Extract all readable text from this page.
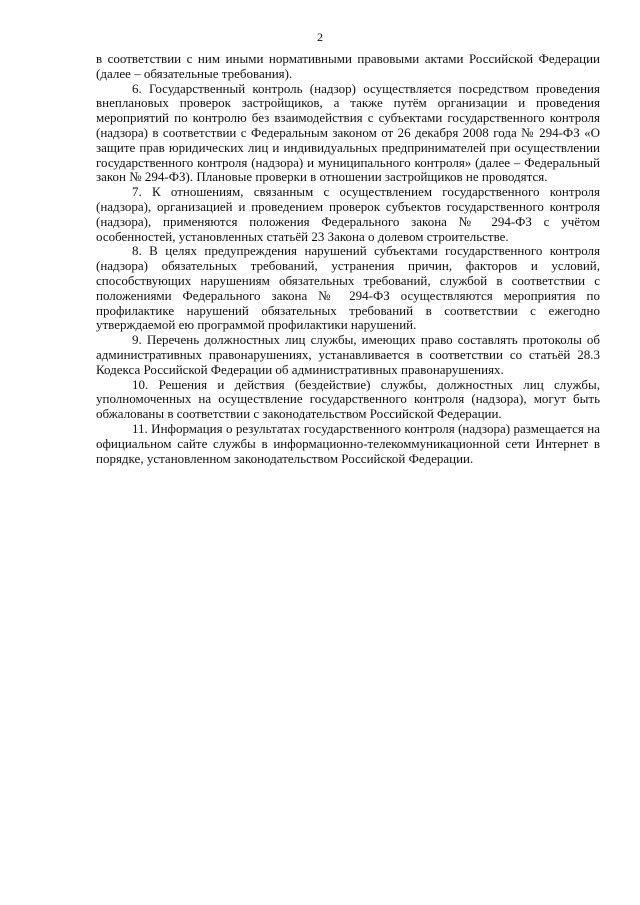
2

в соответствии с ним иными нормативными правовыми актами Российской Федерации (далее – обязательные требования).

6. Государственный контроль (надзор) осуществляется посредством проведения внеплановых проверок застройщиков, а также путём организации и проведения мероприятий по контролю без взаимодействия с субъектами государственного контроля (надзора) в соответствии с Федеральным законом от 26 декабря 2008 года № 294-ФЗ «О защите прав юридических лиц и индивидуальных предпринимателей при осуществлении государственного контроля (надзора) и муниципального контроля» (далее – Федеральный закон № 294-ФЗ). Плановые проверки в отношении застройщиков не проводятся.

7. К отношениям, связанным с осуществлением государственного контроля (надзора), организацией и проведением проверок субъектов государственного контроля (надзора), применяются положения Федерального закона № 294-ФЗ с учётом особенностей, установленных статьёй 23 Закона о долевом строительстве.

8. В целях предупреждения нарушений субъектами государственного контроля (надзора) обязательных требований, устранения причин, факторов и условий, способствующих нарушениям обязательных требований, службой в соответствии с положениями Федерального закона № 294-ФЗ осуществляются мероприятия по профилактике нарушений обязательных требований в соответствии с ежегодно утверждаемой ею программой профилактики нарушений.

9. Перечень должностных лиц службы, имеющих право составлять протоколы об административных правонарушениях, устанавливается в соответствии со статьёй 28.3 Кодекса Российской Федерации об административных правонарушениях.

10. Решения и действия (бездействие) службы, должностных лиц службы, уполномоченных на осуществление государственного контроля (надзора), могут быть обжалованы в соответствии с законодательством Российской Федерации.

11. Информация о результатах государственного контроля (надзора) размещается на официальном сайте службы в информационно-телекоммуникационной сети Интернет в порядке, установленном законодательством Российской Федерации.
